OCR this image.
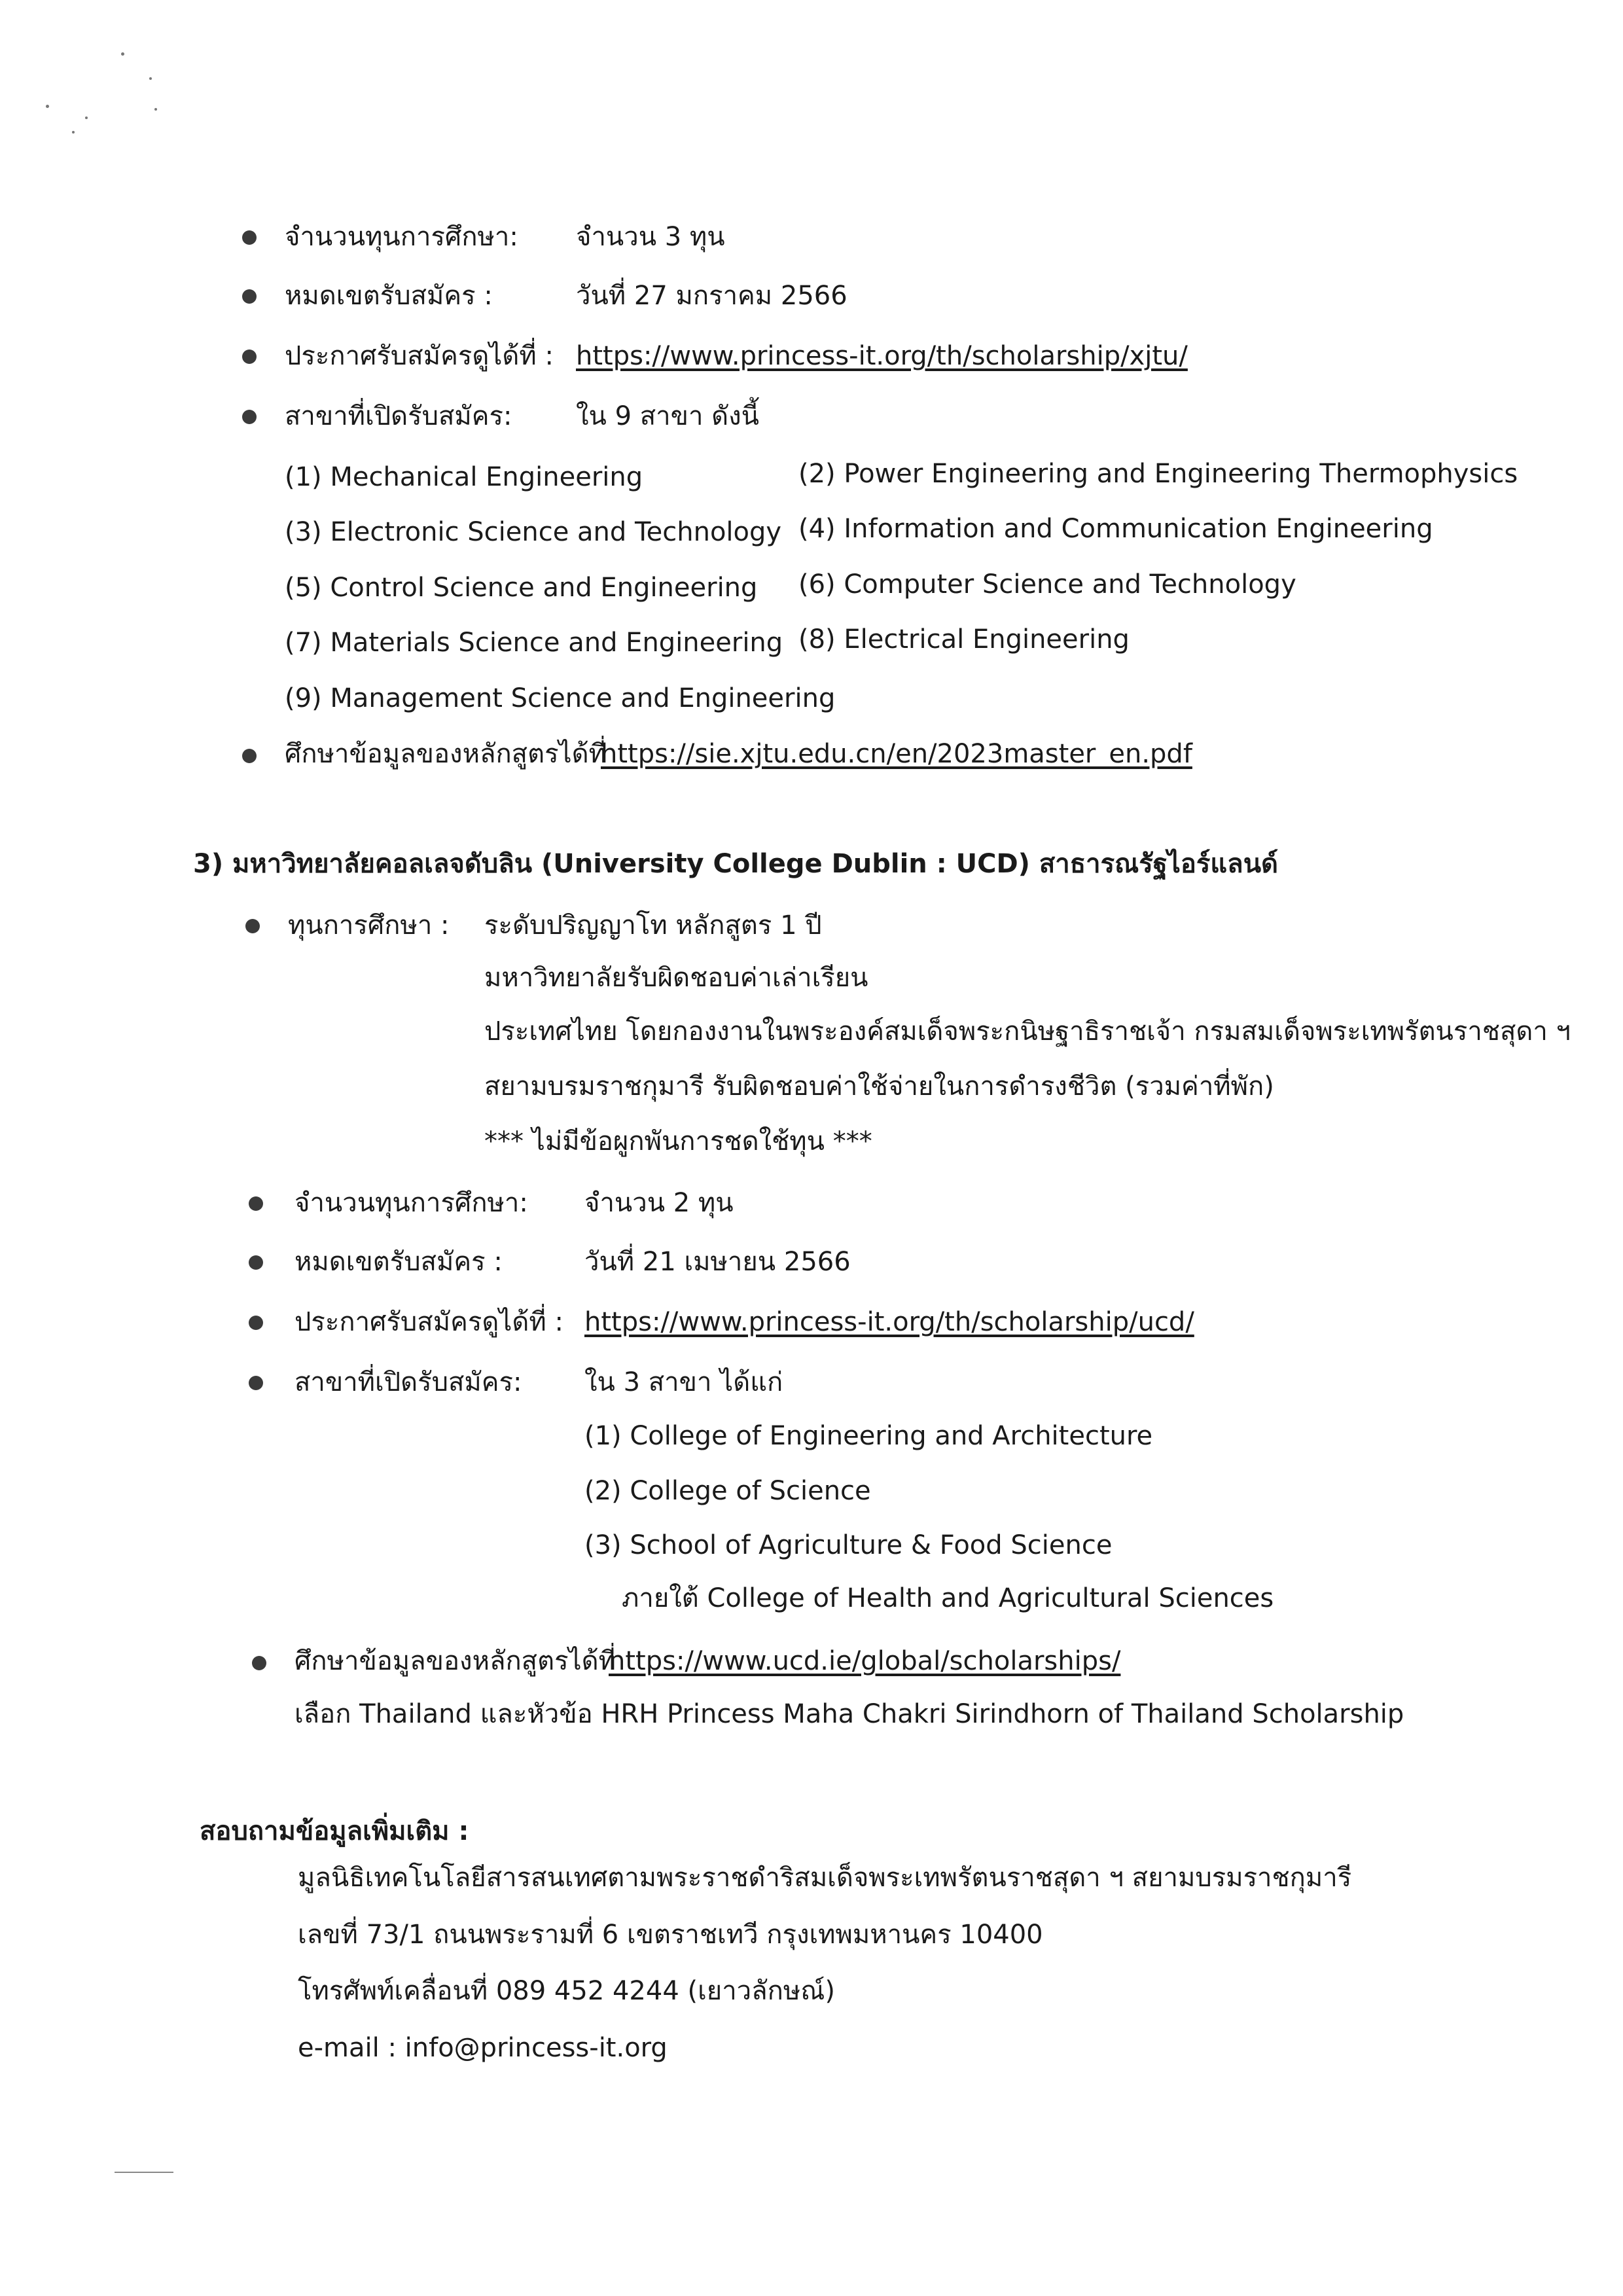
จำนวนทุนการศึกษา: จำนวน 3 ทุน
หมดเขตรับสมัคร :	วันที่ 27 มกราคม 2566
ประกาศรับสมัครดูได้ที่ : https://www.princess-it.org/th/scholarship/xjtu/
สาขาที่เปิดรับสมัคร: ใน 9 สาขา ดังนี้
(1) Mechanical Engineering	(2) Power Engineering and Engineering Thermophysics
(3) Electronic Science and Technology (4) Information and Communication Engineering
(5) Control Science and Engineering (6) Computer Science and Technology
(7) Materials Science and Engineering (8) Electrical Engineering
(9) Management Science and Engineering
ศึกษาข้อมูลของหลักสูตรได้ที่
https://sie.xjtu.edu.cn/en/2023master_en.pdf
3) มหาวิทยาลัยคอลเลจดับลิน (University College Dublin : UCD) สาธารณรัฐไอร์แลนด์
ทุนการศึกษา : ระดับปริญญาโท หลักสูตร 1 ปี
มหาวิทยาลัยรับผิดชอบค่าเล่าเรียน
ประเทศไทย โดยกองงานในพระองค์สมเด็จพระกนิษฐาธิราชเจ้า กรมสมเด็จพระเทพรัตนราชสุดา ฯ
สยามบรมราชกุมารี รับผิดชอบค่าใช้จ่ายในการดำรงชีวิต (รวมค่าที่พัก)
*** ไม่มีข้อผูกพันการชดใช้ทุน ***
จำนวนทุนการศึกษา: จำนวน 2 ทุน
หมดเขตรับสมัคร :	วันที่ 21 เมษายน 2566
ประกาศรับสมัครดูได้ที่ : https://www.princess-it.org/th/scholarship/ucd/
สาขาที่เปิดรับสมัคร: ใน 3 สาขา ได้แก่
(1) College of Engineering and Architecture
(2) College of Science
(3) School of Agriculture & Food Science
ภายใต้ College of Health and Agricultural Sciences
ศึกษาข้อมูลของหลักสูตรได้ที่
https://www.ucd.ie/global/scholarships/
เลือก Thailand และหัวข้อ HRH Princess Maha Chakri Sirindhorn of Thailand Scholarship
สอบถามข้อมูลเพิ่มเติม :
มูลนิธิเทคโนโลยีสารสนเทศตามพระราชดำริสมเด็จพระเทพรัตนราชสุดา ฯ สยามบรมราชกุมารี
เลขที่ 73/1 ถนนพระรามที่ 6 เขตราชเทวี กรุงเทพมหานคร 10400
โทรศัพท์เคลื่อนที่ 089 452 4244 (เยาวลักษณ์)
e-mail : info@princess-it.org
